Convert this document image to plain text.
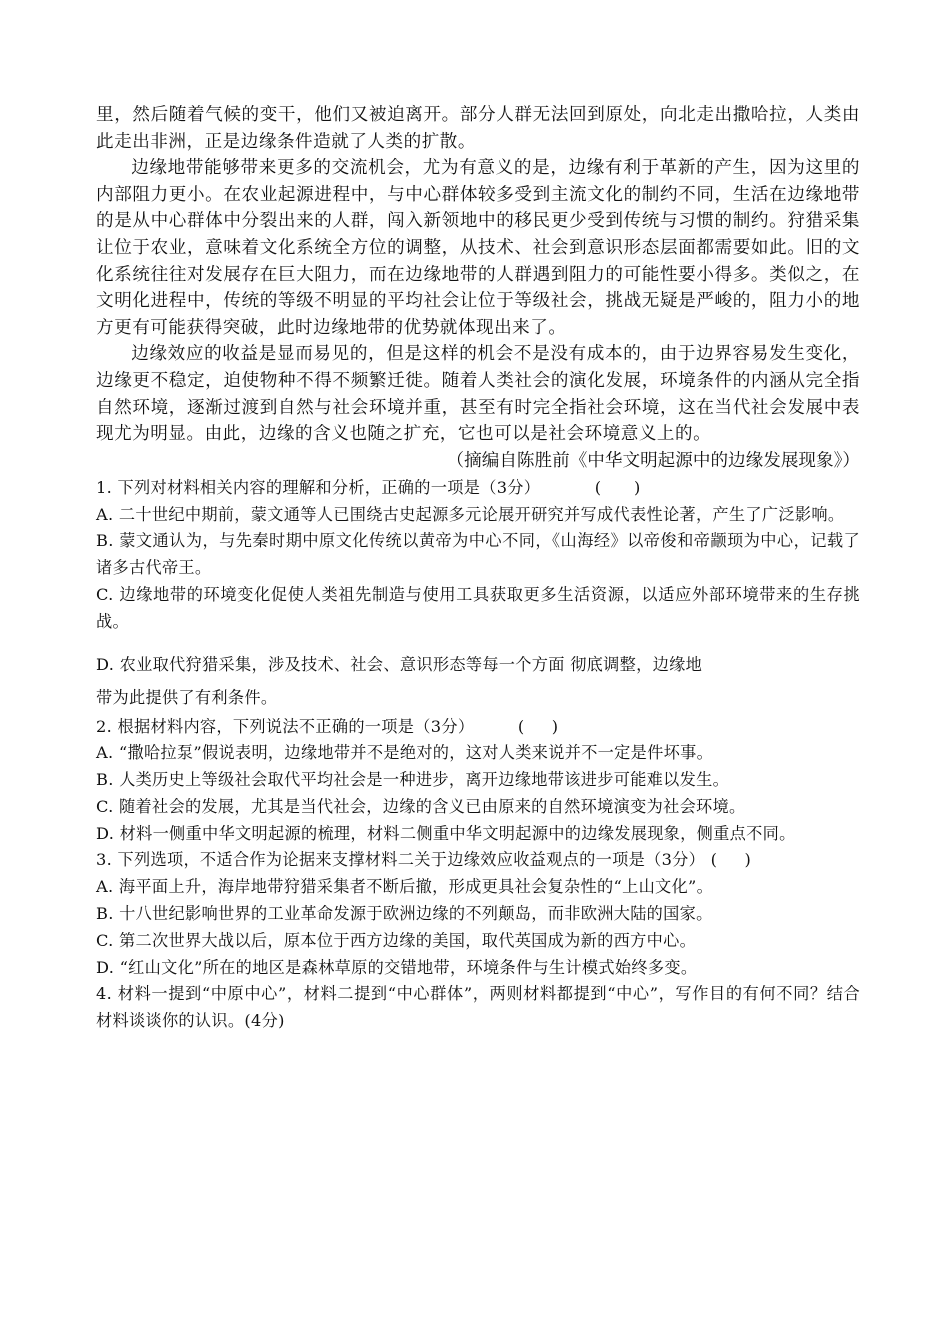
里，然后随着气候的变干，他们又被迫离开。部分人群无法回到原处，向北走出撒哈拉，人类由此走出非洲，正是边缘条件造就了人类的扩散。

边缘地带能够带来更多的交流机会，尤为有意义的是，边缘有利于革新的产生，因为这里的内部阻力更小。在农业起源进程中，与中心群体较多受到主流文化的制约不同，生活在边缘地带的是从中心群体中分裂出来的人群，闯入新领地中的移民更少受到传统与习惯的制约。狩猎采集让位于农业，意味着文化系统全方位的调整，从技术、社会到意识形态层面都需要如此。旧的文化系统往往对发展存在巨大阻力，而在边缘地带的人群遇到阻力的可能性要小得多。类似之，在文明化进程中，传统的等级不明显的平均社会让位于等级社会，挑战无疑是严峻的，阻力小的地方更有可能获得突破，此时边缘地带的优势就体现出来了。

边缘效应的收益是显而易见的，但是这样的机会不是没有成本的，由于边界容易发生变化，边缘更不稳定，迫使物种不得不频繁迁徙。随着人类社会的演化发展，环境条件的内涵从完全指自然环境，逐渐过渡到自然与社会环境并重，甚至有时完全指社会环境，这在当代社会发展中表现尤为明显。由此，边缘的含义也随之扩充，它也可以是社会环境意义上的。

（摘编自陈胜前《中华文明起源中的边缘发展现象》）

1. 下列对材料相关内容的理解和分析，正确的一项是（3分）          (      )

A. 二十世纪中期前，蒙文通等人已围绕古史起源多元论展开研究并写成代表性论著，产生了广泛影响。

B. 蒙文通认为，与先秦时期中原文化传统以黄帝为中心不同，《山海经》以帝俊和帝颛顼为中心，记载了诸多古代帝王。

C. 边缘地带的环境变化促使人类祖先制造与使用工具获取更多生活资源，以适应外部环境带来的生存挑战。

D. 农业取代狩猎采集，涉及技术、社会、意识形态等每一个方面 彻底调整，边缘地

带为此提供了有利条件。

2. 根据材料内容，下列说法不正确的一项是（3分）        (     )

A. “撒哈拉泵”假说表明，边缘地带并不是绝对的，这对人类来说并不一定是件坏事。

B. 人类历史上等级社会取代平均社会是一种进步，离开边缘地带该进步可能难以发生。

C. 随着社会的发展，尤其是当代社会，边缘的含义已由原来的自然环境演变为社会环境。

D. 材料一侧重中华文明起源的梳理，材料二侧重中华文明起源中的边缘发展现象，侧重点不同。

3. 下列选项，不适合作为论据来支撑材料二关于边缘效应收益观点的一项是（3分） (     )

A. 海平面上升，海岸地带狩猎采集者不断后撤，形成更具社会复杂性的“上山文化”。

B. 十八世纪影响世界的工业革命发源于欧洲边缘的不列颠岛，而非欧洲大陆的国家。

C. 第二次世界大战以后，原本位于西方边缘的美国，取代英国成为新的西方中心。

D. “红山文化”所在的地区是森林草原的交错地带，环境条件与生计模式始终多变。

4. 材料一提到“中原中心”，材料二提到“中心群体”，两则材料都提到“中心”，写作目的有何不同？结合材料谈谈你的认识。(4分)
